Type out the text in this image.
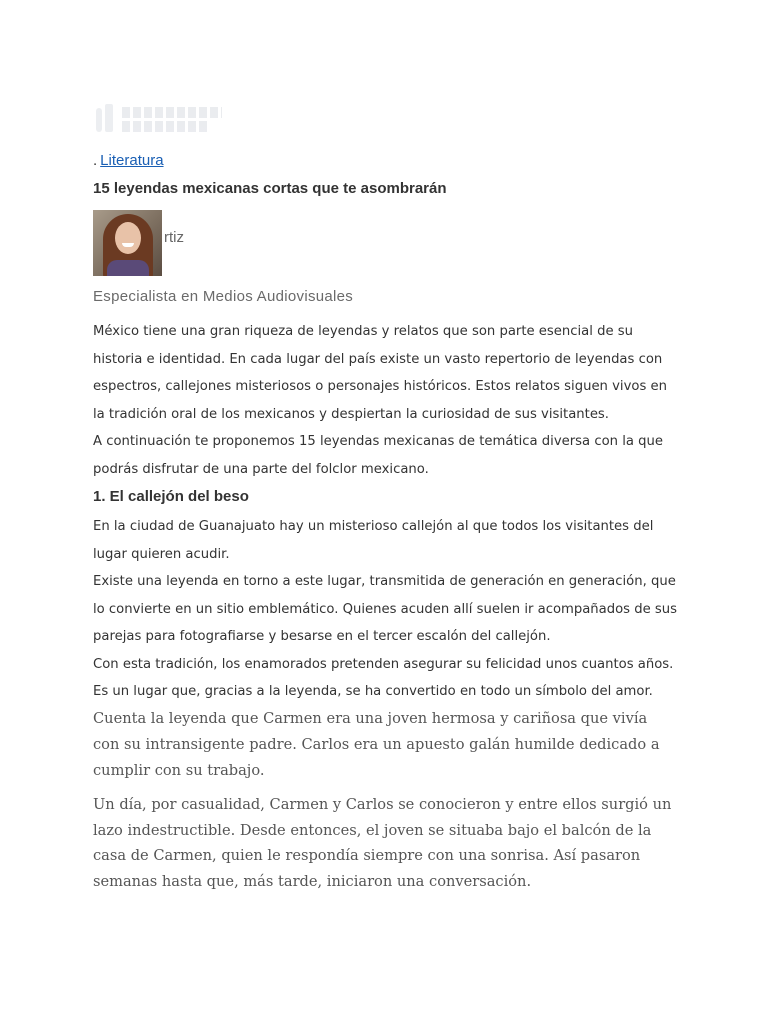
. Literatura
15 leyendas mexicanas cortas que te asombrarán
rtiz

Especialista en Medios Audiovisuales

México tiene una gran riqueza de leyendas y relatos que son parte esencial de su historia e identidad. En cada lugar del país existe un vasto repertorio de leyendas con espectros, callejones misteriosos o personajes históricos. Estos relatos siguen vivos en la tradición oral de los mexicanos y despiertan la curiosidad de sus visitantes.

A continuación te proponemos 15 leyendas mexicanas de temática diversa con la que podrás disfrutar de una parte del folclor mexicano.

1. El callejón del beso

En la ciudad de Guanajuato hay un misterioso callejón al que todos los visitantes del lugar quieren acudir.

Existe una leyenda en torno a este lugar, transmitida de generación en generación, que lo convierte en un sitio emblemático. Quienes acuden allí suelen ir acompañados de sus parejas para fotografiarse y besarse en el tercer escalón del callejón.

Con esta tradición, los enamorados pretenden asegurar su felicidad unos cuantos años. Es un lugar que, gracias a la leyenda, se ha convertido en todo un símbolo del amor.

Cuenta la leyenda que Carmen era una joven hermosa y cariñosa que vivía con su intransigente padre. Carlos era un apuesto galán humilde dedicado a cumplir con su trabajo.

Un día, por casualidad, Carmen y Carlos se conocieron y entre ellos surgió un lazo indestructible. Desde entonces, el joven se situaba bajo el balcón de la casa de Carmen, quien le respondía siempre con una sonrisa. Así pasaron semanas hasta que, más tarde, iniciaron una conversación.
